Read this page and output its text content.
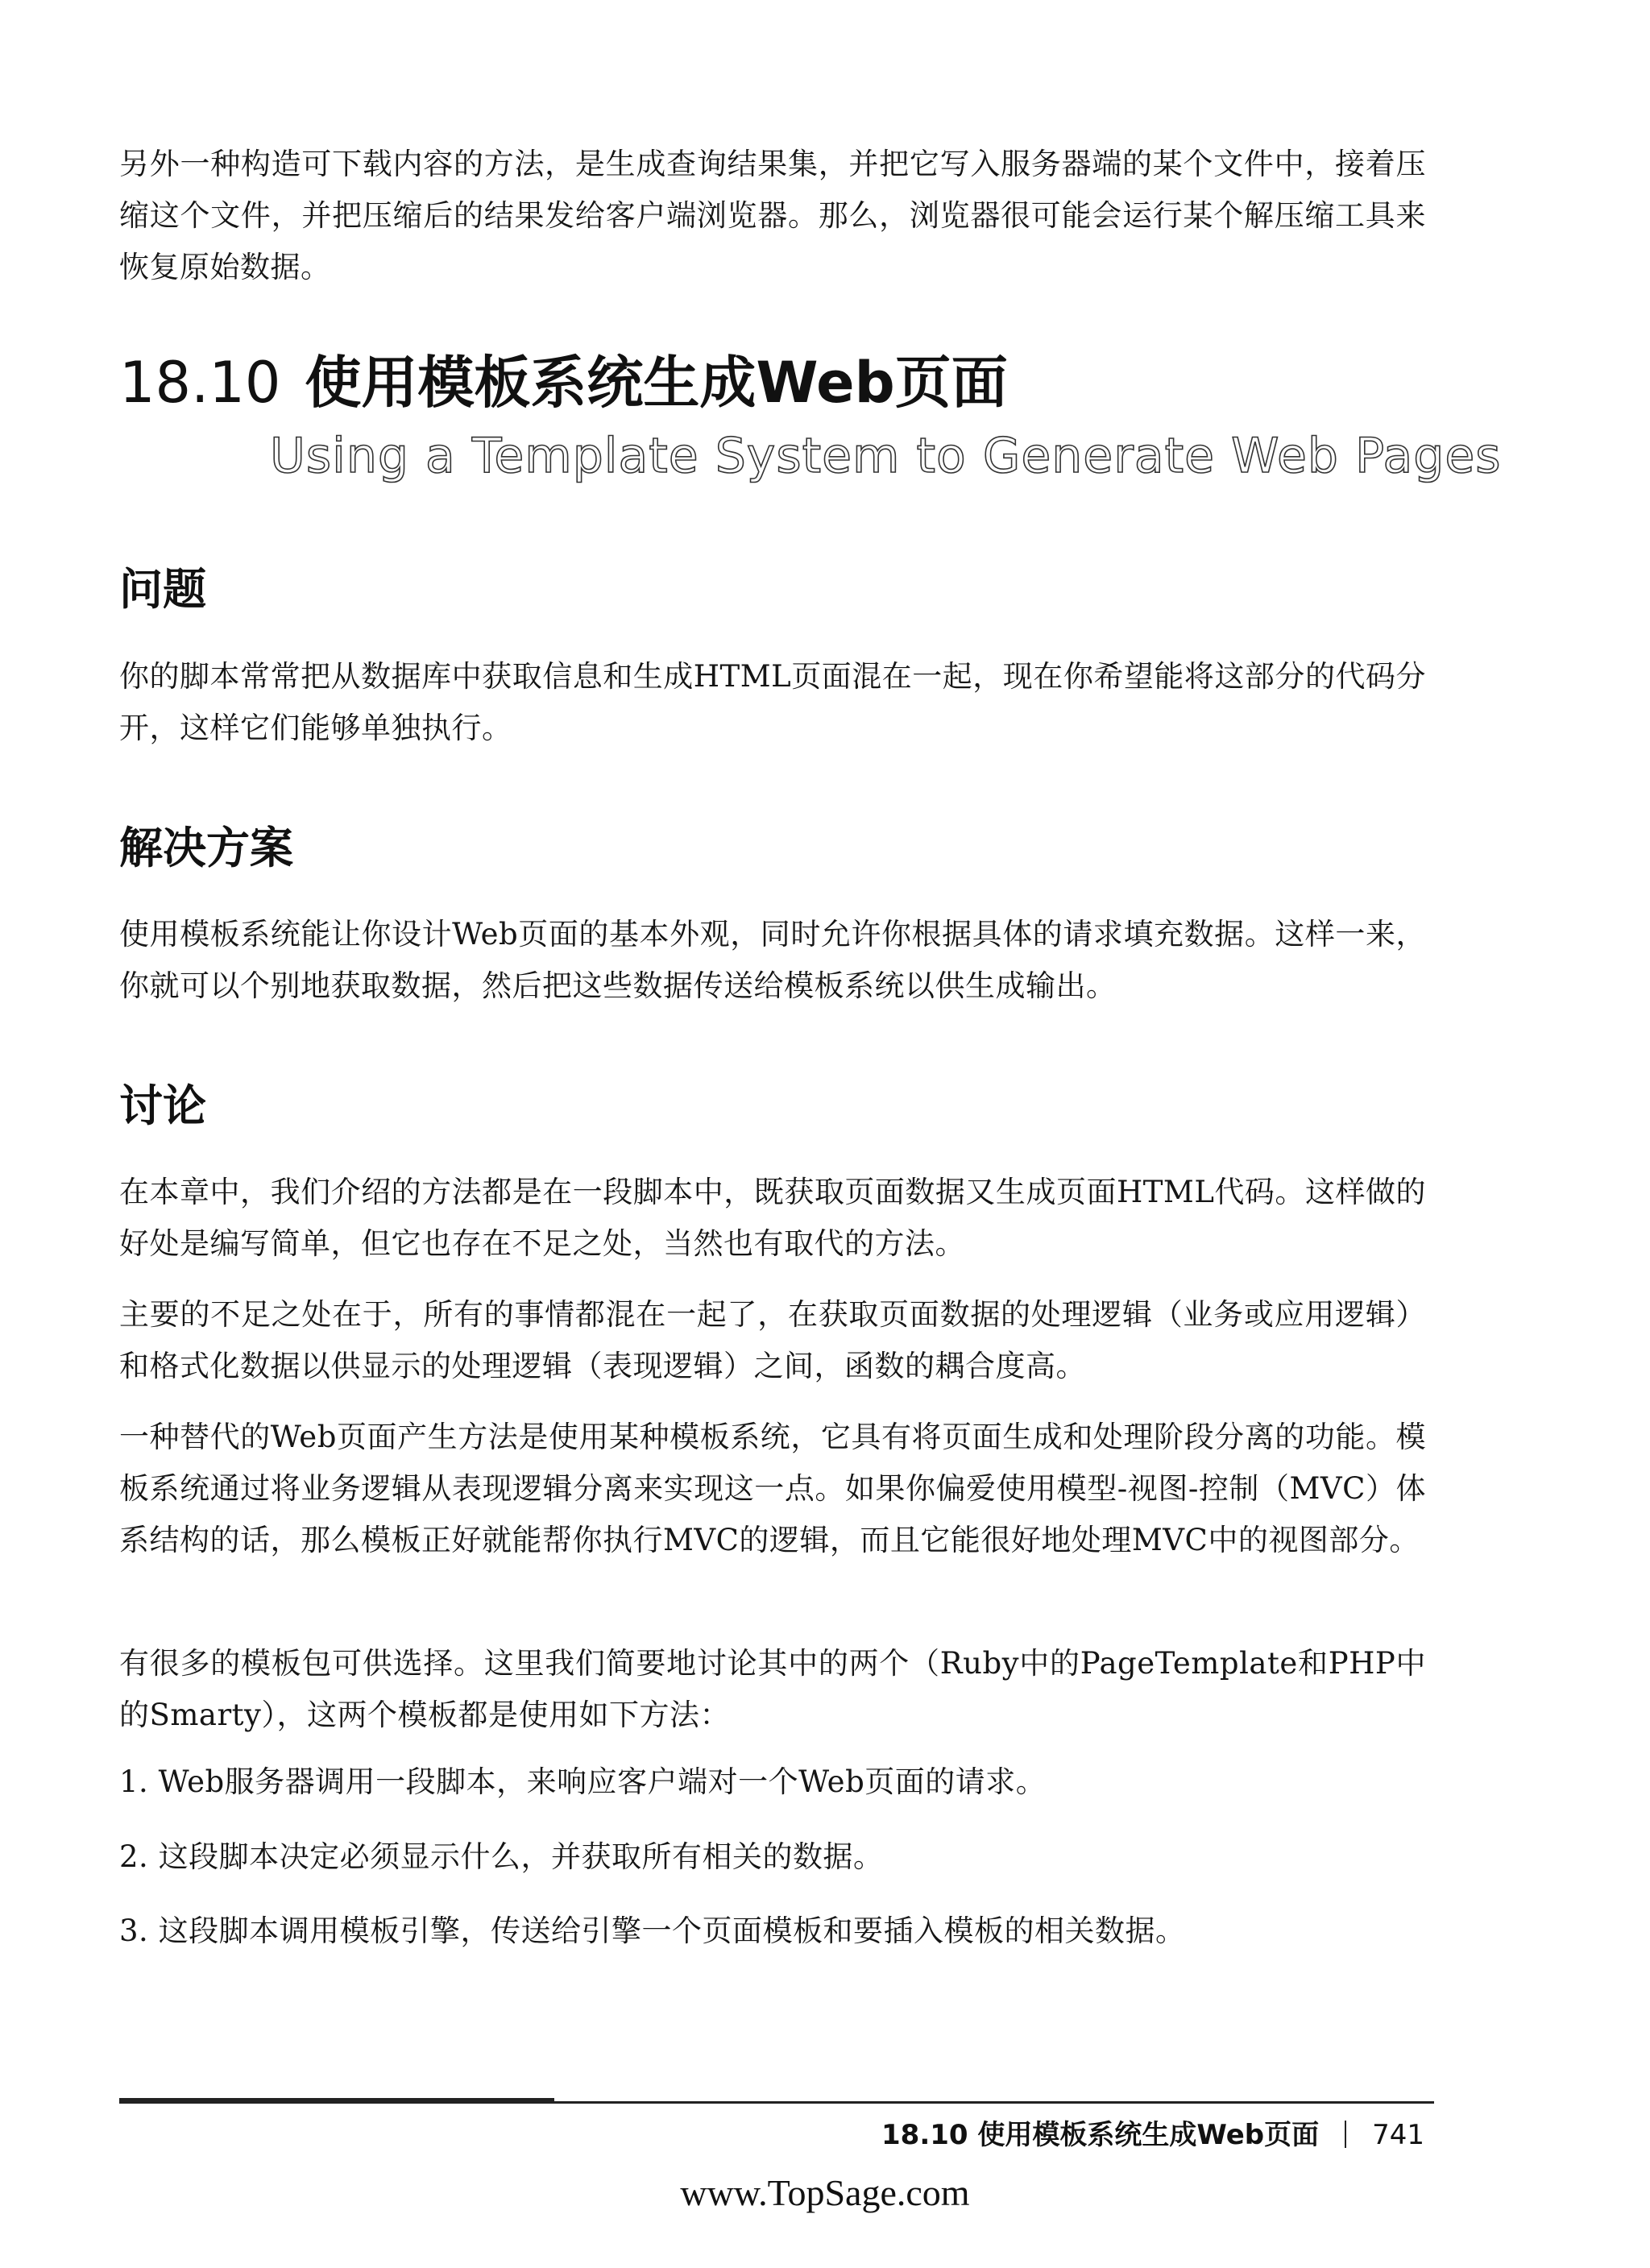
另外一种构造可下载内容的方法，是生成查询结果集，并把它写入服务器端的某个文件中，接着压缩这个文件，并把压缩后的结果发给客户端浏览器。那么，浏览器很可能会运行某个解压缩工具来恢复原始数据。
18.10 使用模板系统生成Web页面
Using a Template System to Generate Web Pages
问题
你的脚本常常把从数据库中获取信息和生成HTML页面混在一起，现在你希望能将这部分的代码分开，这样它们能够单独执行。
解决方案
使用模板系统能让你设计Web页面的基本外观，同时允许你根据具体的请求填充数据。这样一来，你就可以个别地获取数据，然后把这些数据传送给模板系统以供生成输出。
讨论
在本章中，我们介绍的方法都是在一段脚本中，既获取页面数据又生成页面HTML代码。这样做的好处是编写简单，但它也存在不足之处，当然也有取代的方法。
主要的不足之处在于，所有的事情都混在一起了，在获取页面数据的处理逻辑（业务或应用逻辑）和格式化数据以供显示的处理逻辑（表现逻辑）之间，函数的耦合度高。
一种替代的Web页面产生方法是使用某种模板系统，它具有将页面生成和处理阶段分离的功能。模板系统通过将业务逻辑从表现逻辑分离来实现这一点。如果你偏爱使用模型-视图-控制（MVC）体系结构的话，那么模板正好就能帮你执行MVC的逻辑，而且它能很好地处理MVC中的视图部分。
有很多的模板包可供选择。这里我们简要地讨论其中的两个（Ruby中的PageTemplate和PHP中的Smarty），这两个模板都是使用如下方法：
1. Web服务器调用一段脚本，来响应客户端对一个Web页面的请求。
2. 这段脚本决定必须显示什么，并获取所有相关的数据。
3. 这段脚本调用模板引擎，传送给引擎一个页面模板和要插入模板的相关数据。
18.10 使用模板系统生成Web页面 741
www.TopSage.com
